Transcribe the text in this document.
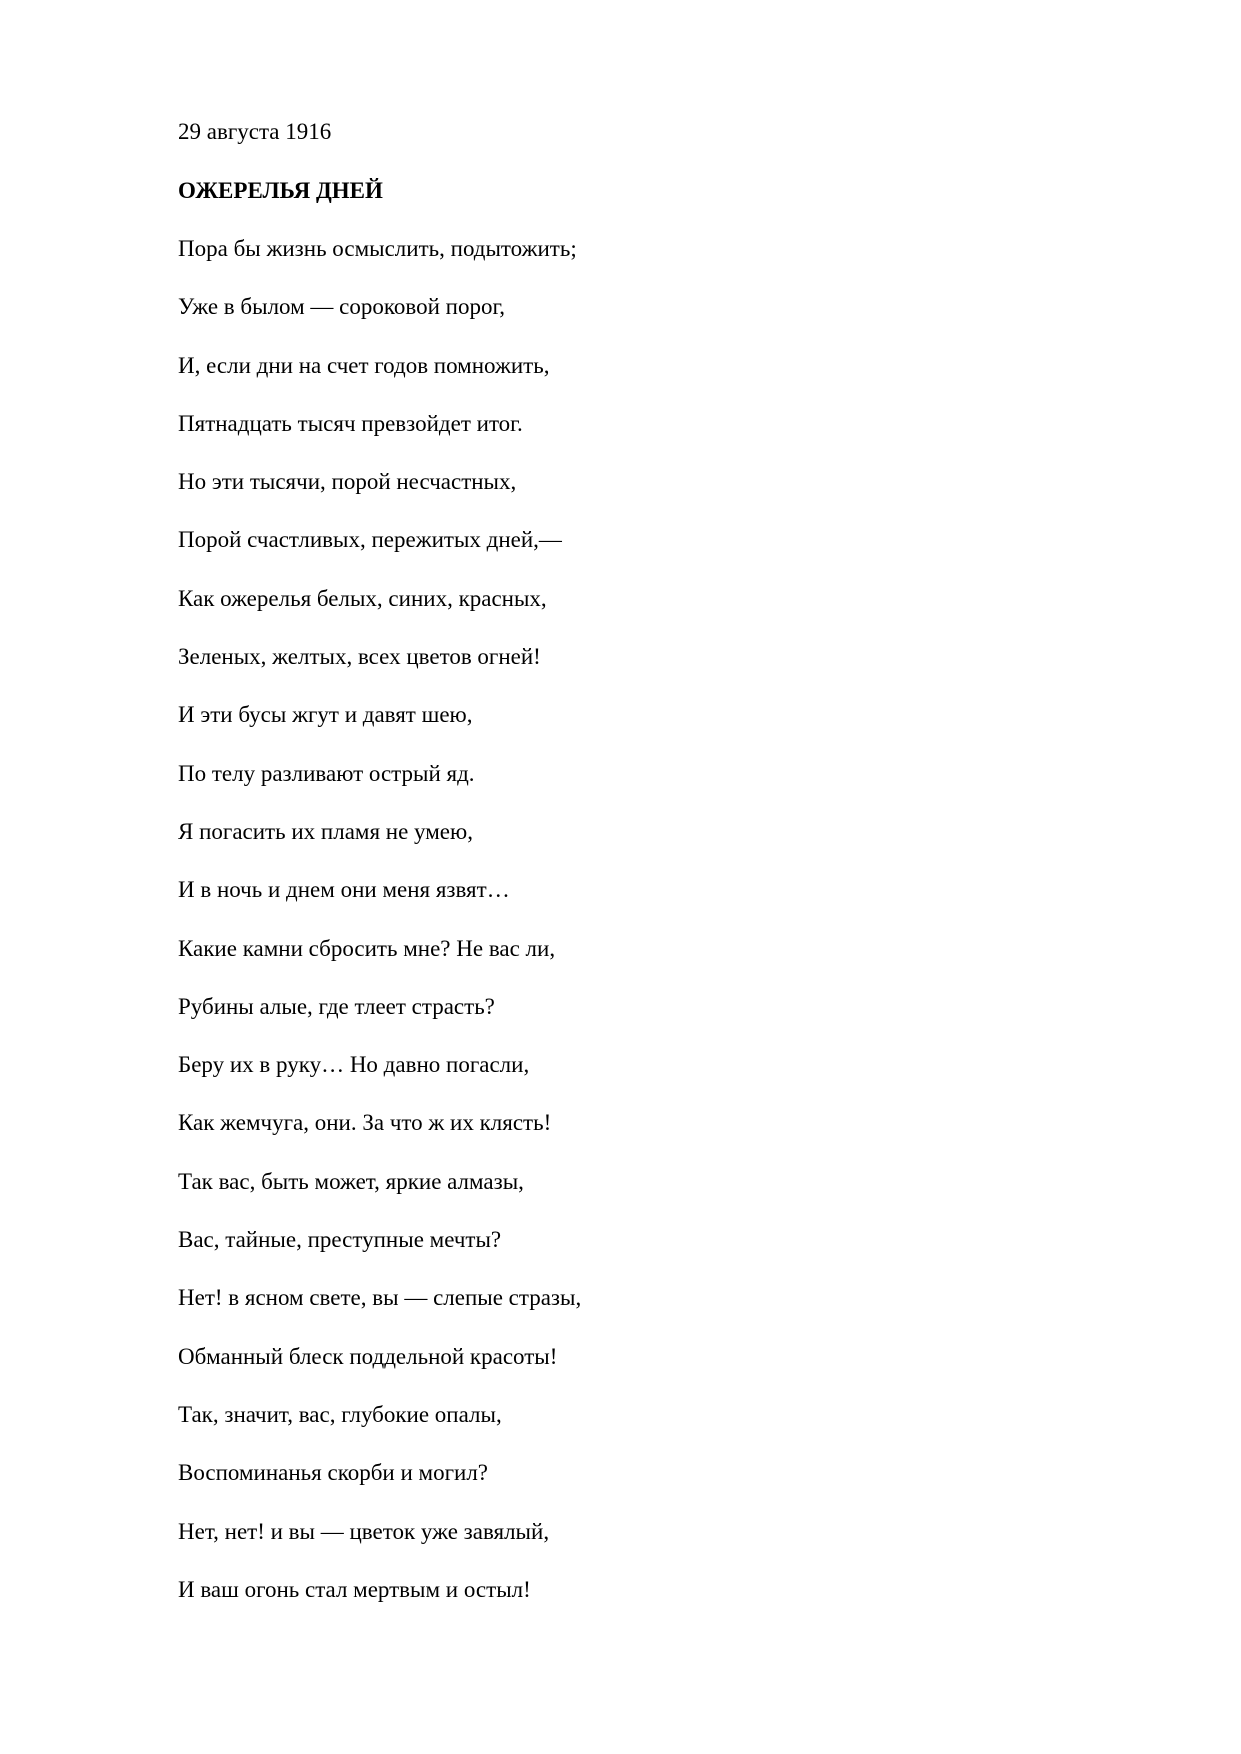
29 августа 1916

ОЖЕРЕЛЬЯ ДНЕЙ
Пора бы жизнь осмыслить, подытожить;
Уже в былом — сороковой порог,
И, если дни на счет годов помножить,
Пятнадцать тысяч превзойдет итог.
Но эти тысячи, порой несчастных,
Порой счастливых, пережитых дней,—
Как ожерелья белых, синих, красных,
Зеленых, желтых, всех цветов огней!
И эти бусы жгут и давят шею,
По телу разливают острый яд.
Я погасить их пламя не умею,
И в ночь и днем они меня язвят…
Какие камни сбросить мне? Не вас ли,
Рубины алые, где тлеет страсть?
Беру их в руку… Но давно погасли,
Как жемчуга, они. За что ж их клясть!
Так вас, быть может, яркие алмазы,
Вас, тайные, преступные мечты?
Нет! в ясном свете, вы — слепые стразы,
Обманный блеск поддельной красоты!
Так, значит, вас, глубокие опалы,
Воспоминанья скорби и могил?
Нет, нет! и вы — цветок уже завялый,
И ваш огонь стал мертвым и остыл!
